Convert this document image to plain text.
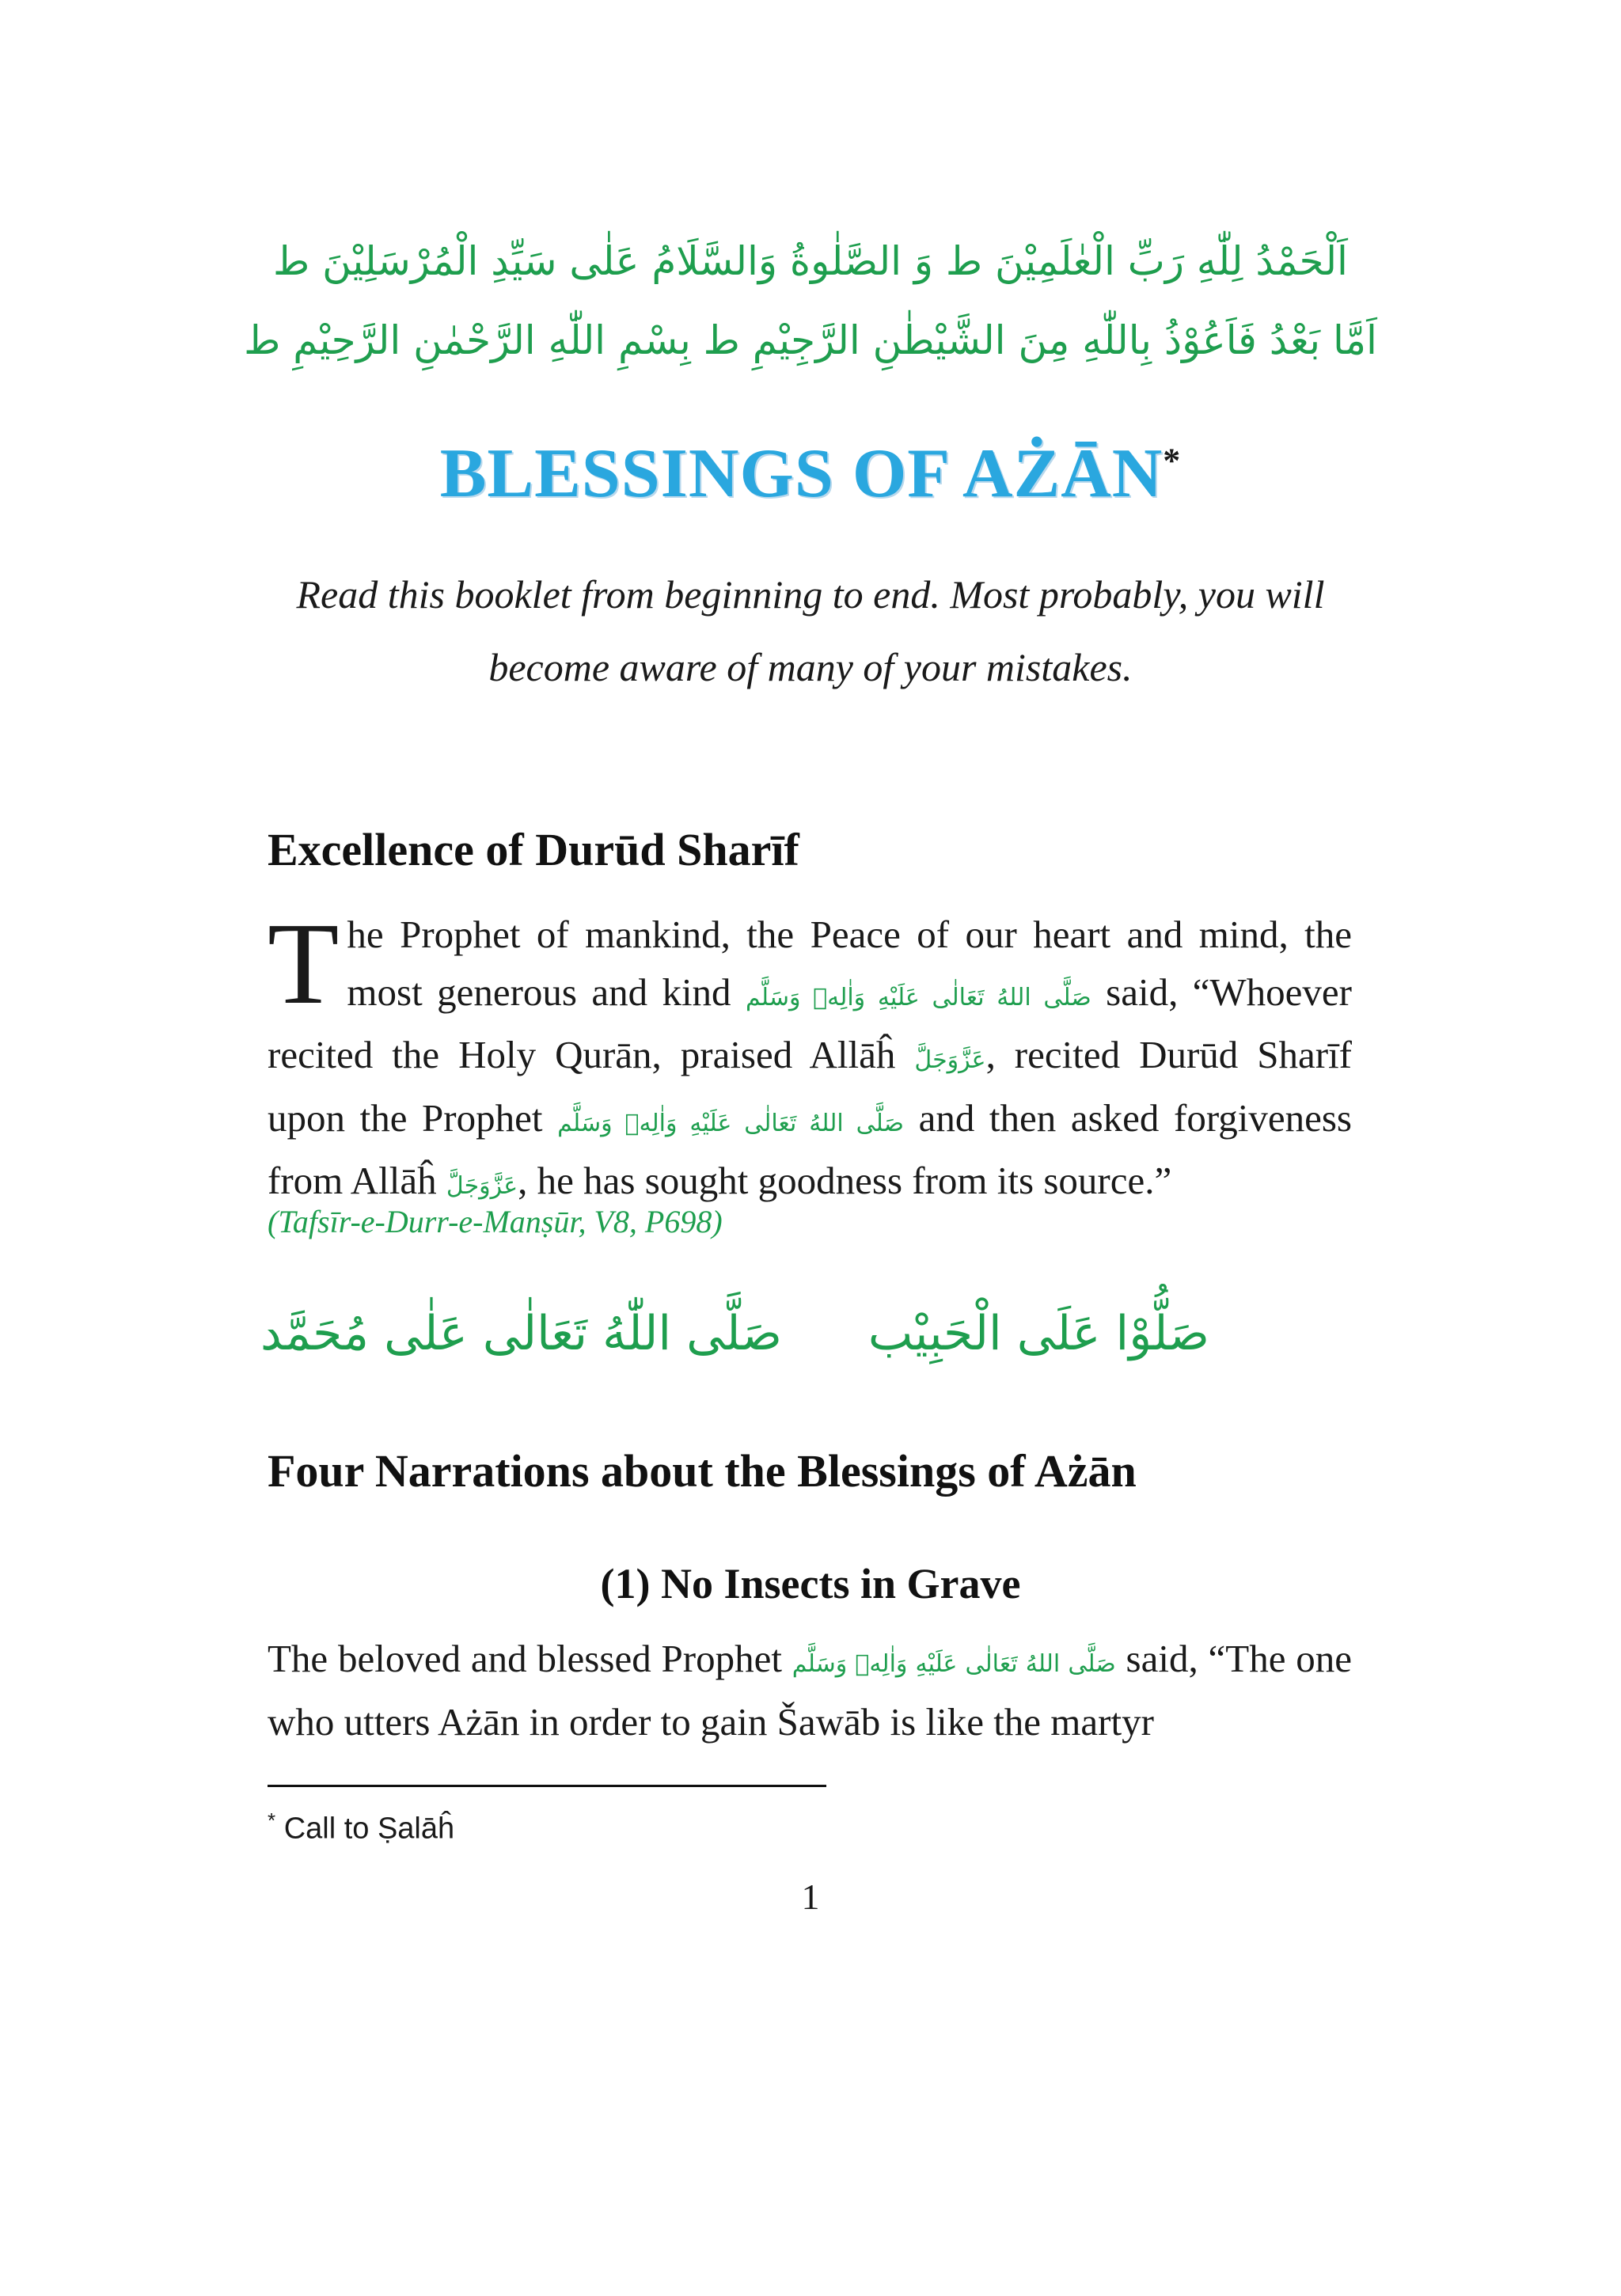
اَلْحَمْدُ لِلّٰهِ رَبِّ الْعٰلَمِيْنَ ط وَ الصَّلٰوةُ وَالسَّلَامُ عَلٰی سَيِّدِ الْمُرْسَلِيْنَ ط
اَمَّا بَعْدُ فَاَعُوْذُ بِاللّٰهِ مِنَ الشَّيْطٰنِ الرَّجِيْمِ ط بِسْمِ اللّٰهِ الرَّحْمٰنِ الرَّحِيْمِ ط
BLESSINGS OF AŻĀN*
Read this booklet from beginning to end. Most probably, you will become aware of many of your mistakes.
Excellence of Durūd Sharīf

The Prophet of mankind, the Peace of our heart and mind, the most generous and kind صَلَّى اللهُ تَعَالٰى عَلَيْهِ وَاٰلِهٖ وَسَلَّم said, “Whoever recited the Holy Qurān, praised Allāĥ عَزَّوَجَلَّ, recited Durūd Sharīf upon the Prophet صَلَّى اللهُ تَعَالٰى عَلَيْهِ وَاٰلِهٖ وَسَلَّم and then asked forgiveness from Allāĥ عَزَّوَجَلَّ, he has sought goodness from its source.”

(Tafsīr-e-Durr-e-Manṣūr, V8, P698)
صَلُّوْا عَلَى الْحَبِيْب
صَلَّى اللّٰهُ تَعَالٰى عَلٰى مُحَمَّد
Four Narrations about the Blessings of Ażān
(1) No Insects in Grave

The beloved and blessed Prophet صَلَّى اللهُ تَعَالٰى عَلَيْهِ وَاٰلِهٖ وَسَلَّم said, “The one who utters Ażān in order to gain Šawāb is like the martyr

* Call to Ṣalāĥ
1
